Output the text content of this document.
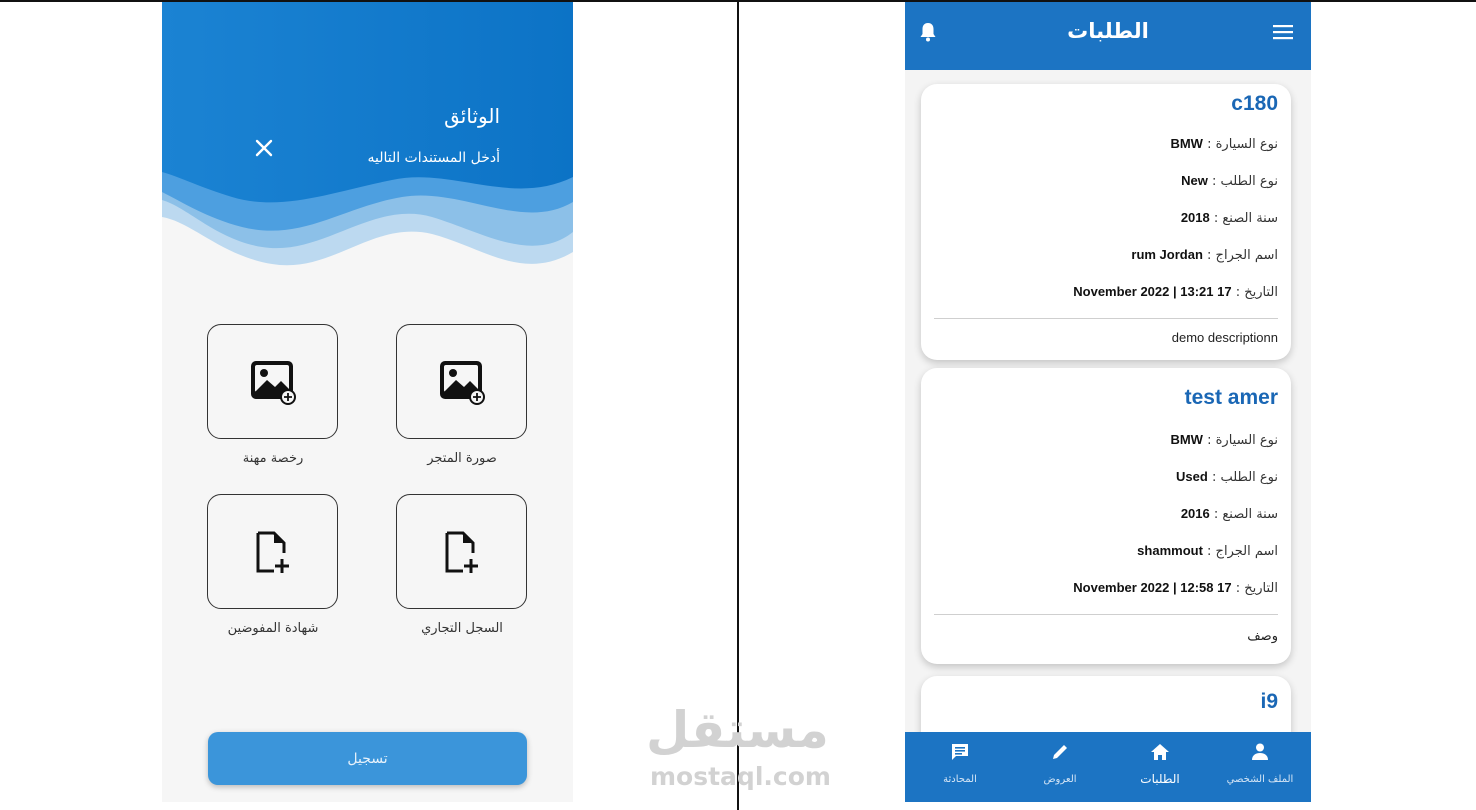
الوثائق
أدخل المستندات التاليه
صورة المتجر
رخصة مهنة
السجل التجاري
شهادة المفوضين
تسجيل	مستقل
mostaql.com
الطلبات
c180
نوع السيارة : BMW
نوع الطلب : New
سنة الصنع : 2018
اسم الجراج : rum Jordan
التاريخ : 17 November 2022 | 13:21
demo descriptionn
test amer
نوع السيارة : BMW
نوع الطلب : Used
سنة الصنع : 2016
اسم الجراج : shammout
التاريخ : 17 November 2022 | 12:58
وصف
i9
الملف الشخصي
الطلبات
العروض
المحادثة
